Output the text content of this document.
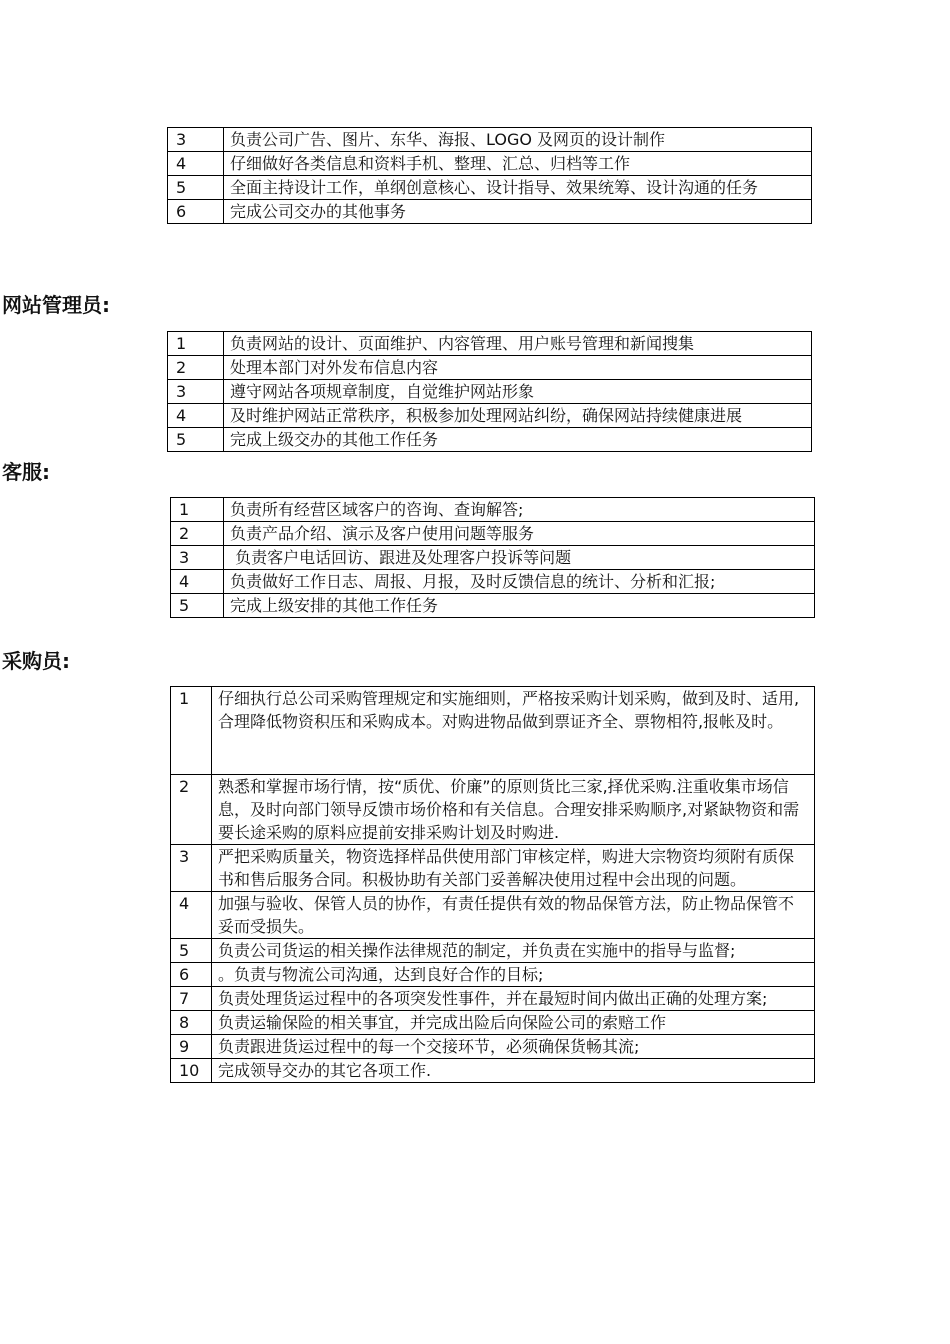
3	负责公司广告、图片、东华、海报、LOGO 及网页的设计制作
4	仔细做好各类信息和资料手机、整理、汇总、归档等工作
5	全面主持设计工作，单纲创意核心、设计指导、效果统筹、设计沟通的任务
6	完成公司交办的其他事务
网站管理员:
1	负责网站的设计、页面维护、内容管理、用户账号管理和新闻搜集
2	处理本部门对外发布信息内容
3	遵守网站各项规章制度，自觉维护网站形象
4	及时维护网站正常秩序，积极参加处理网站纠纷，确保网站持续健康进展
5	完成上级交办的其他工作任务
客服:
1	负责所有经营区域客户的咨询、查询解答;
2	负责产品介绍、演示及客户使用问题等服务
3	负责客户电话回访、跟进及处理客户投诉等问题
4	负责做好工作日志、周报、月报，及时反馈信息的统计、分析和汇报;
5	完成上级安排的其他工作任务
采购员:
1	仔细执行总公司采购管理规定和实施细则，严格按采购计划采购，做到及时、适用,合理降低物资积压和采购成本。对购进物品做到票证齐全、票物相符,报帐及时。
2	熟悉和掌握市场行情，按“质优、价廉”的原则货比三家,择优采购.注重收集市场信息，及时向部门领导反馈市场价格和有关信息。合理安排采购顺序,对紧缺物资和需要长途采购的原料应提前安排采购计划及时购进.
3	严把采购质量关，物资选择样品供使用部门审核定样，购进大宗物资均须附有质保书和售后服务合同。积极协助有关部门妥善解决使用过程中会出现的问题。
4	加强与验收、保管人员的协作，有责任提供有效的物品保管方法，防止物品保管不妥而受损失。
5	负责公司货运的相关操作法律规范的制定，并负责在实施中的指导与监督;
6	。负责与物流公司沟通，达到良好合作的目标;
7	负责处理货运过程中的各项突发性事件，并在最短时间内做出正确的处理方案;
8	负责运输保险的相关事宜，并完成出险后向保险公司的索赔工作
9	负责跟进货运过程中的每一个交接环节，必须确保货畅其流;
10	完成领导交办的其它各项工作.
